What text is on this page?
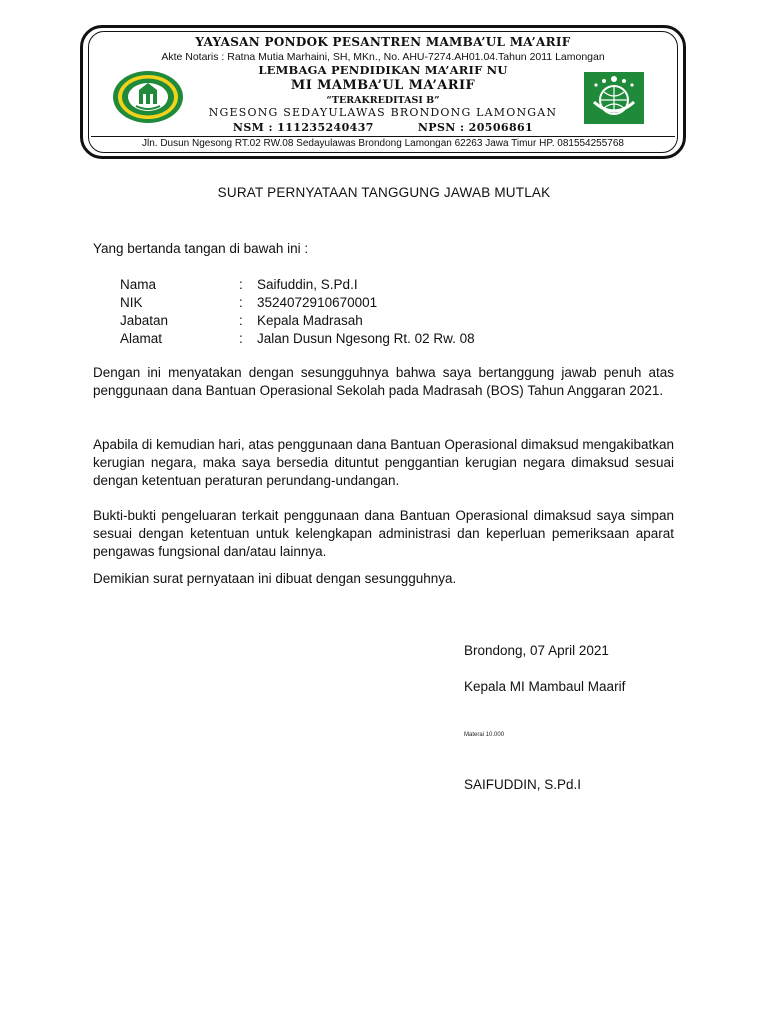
YAYASAN PONDOK PESANTREN MAMBA’UL MA’ARIF
Akte Notaris : Ratna Mutia Marhaini, SH, MKn., No. AHU-7274.AH01.04.Tahun 2011 Lamongan
LEMBAGA PENDIDIKAN MA’ARIF NU
MI MAMBA’UL MA’ARIF
“TERAKREDITASI B”
NGESONG SEDAYULAWAS BRONDONG LAMONGAN
NSM : 111235240437	NPSN : 20506861
Jln. Dusun Ngesong RT.02 RW.08 Sedayulawas Brondong Lamongan 62263 Jawa Timur HP. 081554255768
SURAT PERNYATAAN TANGGUNG JAWAB MUTLAK
Yang bertanda tangan di bawah ini :
Nama	: Saifuddin, S.Pd.I
NIK	: 3524072910670001
Jabatan	: Kepala Madrasah
Alamat	: Jalan Dusun Ngesong Rt. 02 Rw. 08
Dengan ini menyatakan dengan sesungguhnya bahwa saya bertanggung jawab penuh atas penggunaan dana Bantuan Operasional Sekolah pada Madrasah (BOS) Tahun Anggaran 2021.
Apabila di kemudian hari, atas penggunaan dana Bantuan Operasional dimaksud mengakibatkan kerugian negara, maka saya bersedia dituntut penggantian kerugian negara dimaksud sesuai dengan ketentuan peraturan perundang-undangan.
Bukti-bukti pengeluaran terkait penggunaan dana Bantuan Operasional dimaksud saya simpan sesuai dengan ketentuan untuk kelengkapan administrasi dan keperluan pemeriksaan aparat pengawas fungsional dan/atau lainnya.
Demikian surat pernyataan ini dibuat dengan sesungguhnya.
Brondong, 07 April 2021
Kepala MI Mambaul Maarif
Materai 10.000
SAIFUDDIN, S.Pd.I
